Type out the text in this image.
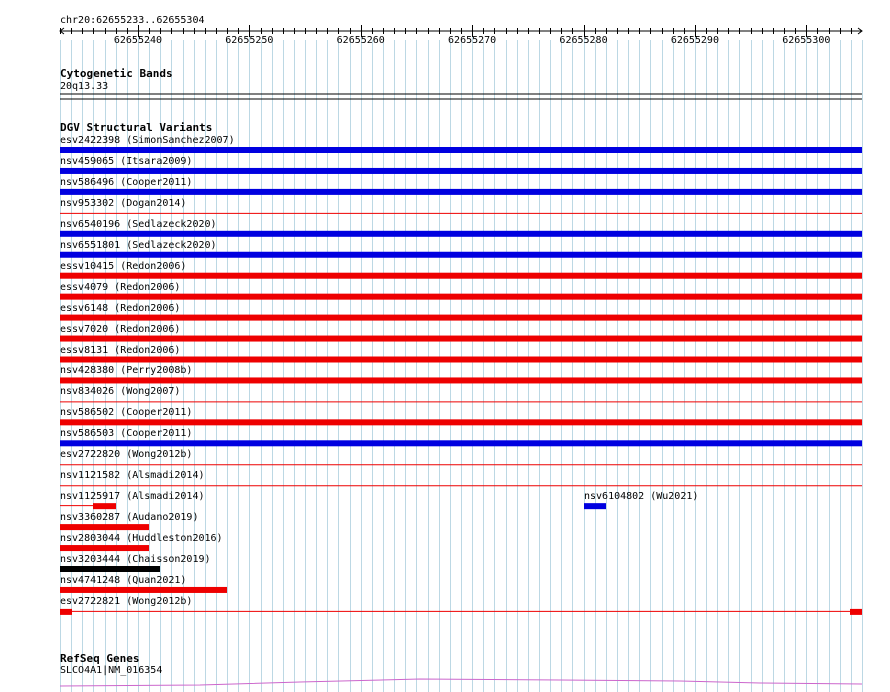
chr20:62655233..62655304
62655240	62655250	62655260	62655270	62655280	62655290	62655300
Cytogenetic Bands
20q13.33
DGV Structural Variants
esv2422398 (SimonSanchez2007)
nsv459065 (Itsara2009)
nsv586496 (Cooper2011)
nsv953302 (Dogan2014)
nsv6540196 (Sedlazeck2020)
nsv6551801 (Sedlazeck2020)
essv10415 (Redon2006)
essv4079 (Redon2006)
essv6148 (Redon2006)
essv7020 (Redon2006)
essv8131 (Redon2006)
nsv428380 (Perry2008b)
nsv834026 (Wong2007)
nsv586502 (Cooper2011)
nsv586503 (Cooper2011)
esv2722820 (Wong2012b)
nsv1121582 (Alsmadi2014)
nsv1125917 (Alsmadi2014)	nsv6104802 (Wu2021)
nsv3360287 (Audano2019)
nsv2803044 (Huddleston2016)
nsv3203444 (Chaisson2019)
nsv4741248 (Quan2021)
esv2722821 (Wong2012b)
RefSeq Genes
SLCO4A1|NM_016354
